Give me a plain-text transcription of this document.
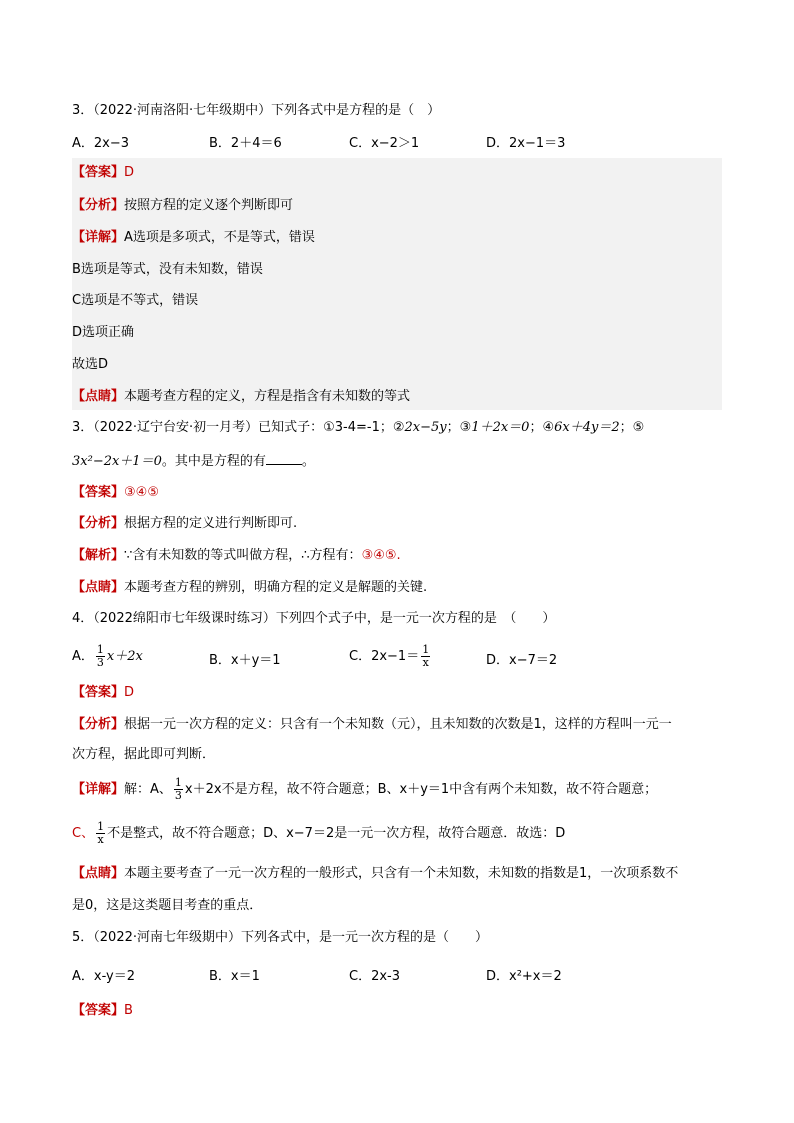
3．（2022·河南洛阳·七年级期中）下列各式中是方程的是（　）
A．2x−3	B．2＋4＝6	C．x−2＞1	D．2x−1＝3
【答案】D
【分析】按照方程的定义逐个判断即可
【详解】A选项是多项式，不是等式，错误
B选项是等式，没有未知数，错误
C选项是不等式，错误
D选项正确
故选D
【点睛】本题考查方程的定义，方程是指含有未知数的等式
3．（2022·辽宁台安·初一月考）已知式子：①3-4=-1；②2x−5y；③1＋2x＝0；④6x＋4y＝2；⑤
3x²−2x＋1＝0。其中是方程的有	。
【答案】③④⑤
【分析】根据方程的定义进行判断即可.
【解析】∵含有未知数的等式叫做方程，∴方程有：③④⑤.
【点睛】本题考查方程的辨别，明确方程的定义是解题的关键.
4．（2022绵阳市七年级课时练习）下列四个式子中，是一元一次方程的是　（　　）
A． $\frac{1}{3} x+2x$	B．x＋y＝1	C．$2x-1= \frac{1}{x}$	D．x−7＝2
【答案】D
【分析】根据一元一次方程的定义：只含有一个未知数（元），且未知数的次数是1，这样的方程叫一元一
次方程，据此即可判断．
【详解】解：A、 $\frac{1}{3} x+2x$不是方程，故不符合题意；B、x＋y＝1中含有两个未知数，故不符合题意；
C、 $\frac{1}{x}$ 不是整式，故不符合题意；D、x−7＝2是一元一次方程，故符合题意．故选：D
【点睛】本题主要考查了一元一次方程的一般形式，只含有一个未知数，未知数的指数是1，一次项系数不
是0，这是这类题目考查的重点．
5．（2022·河南七年级期中）下列各式中，是一元一次方程的是（　　）
A．x-y＝2	B．x＝1	C．2x-3	D．x²+x＝2
【答案】B
